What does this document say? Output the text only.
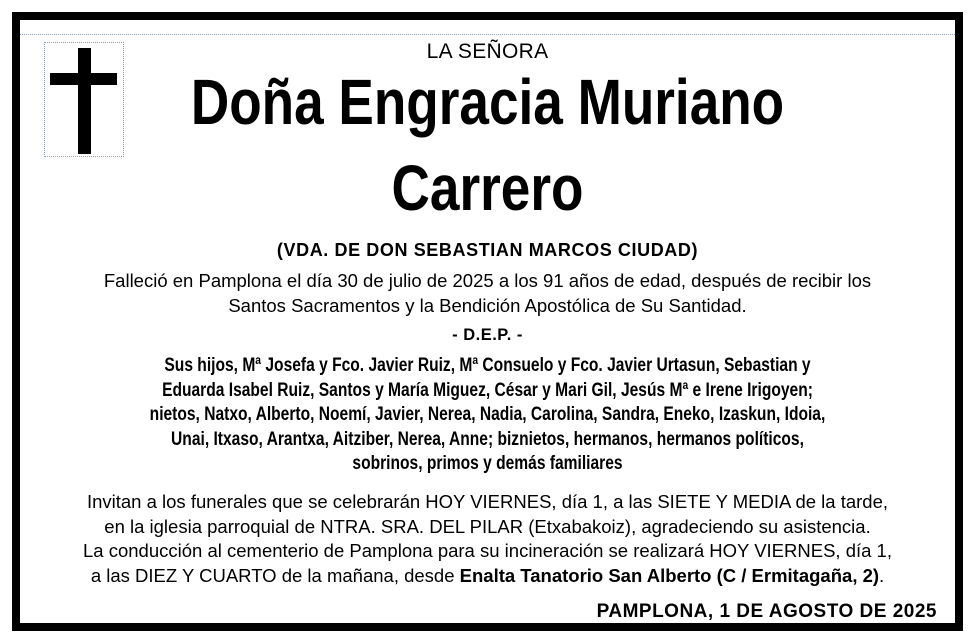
LA SEÑORA
Doña Engracia Muriano
Carrero
(VDA. DE DON SEBASTIAN MARCOS CIUDAD)
Falleció en Pamplona el día 30 de julio de 2025 a los 91 años de edad, después de recibir los
Santos Sacramentos y la Bendición Apostólica de Su Santidad.
- D.E.P. -
Sus hijos, Mª Josefa y Fco. Javier Ruiz, Mª Consuelo y Fco. Javier Urtasun, Sebastian y
Eduarda Isabel Ruiz, Santos y María Miguez, César y Mari Gil, Jesús Mª e Irene Irigoyen;
nietos, Natxo, Alberto, Noemí, Javier, Nerea, Nadia, Carolina, Sandra, Eneko, Izaskun, Idoia,
Unai, Itxaso, Arantxa, Aitziber, Nerea, Anne; biznietos, hermanos, hermanos políticos,
sobrinos, primos y demás familiares
Invitan a los funerales que se celebrarán HOY VIERNES, día 1, a las SIETE Y MEDIA de la tarde,
en la iglesia parroquial de NTRA. SRA. DEL PILAR (Etxabakoiz), agradeciendo su asistencia.
La conducción al cementerio de Pamplona para su incineración se realizará HOY VIERNES, día 1,
a las DIEZ Y CUARTO de la mañana, desde Enalta Tanatorio San Alberto (C / Ermitagaña, 2).
PAMPLONA, 1 DE AGOSTO DE 2025
